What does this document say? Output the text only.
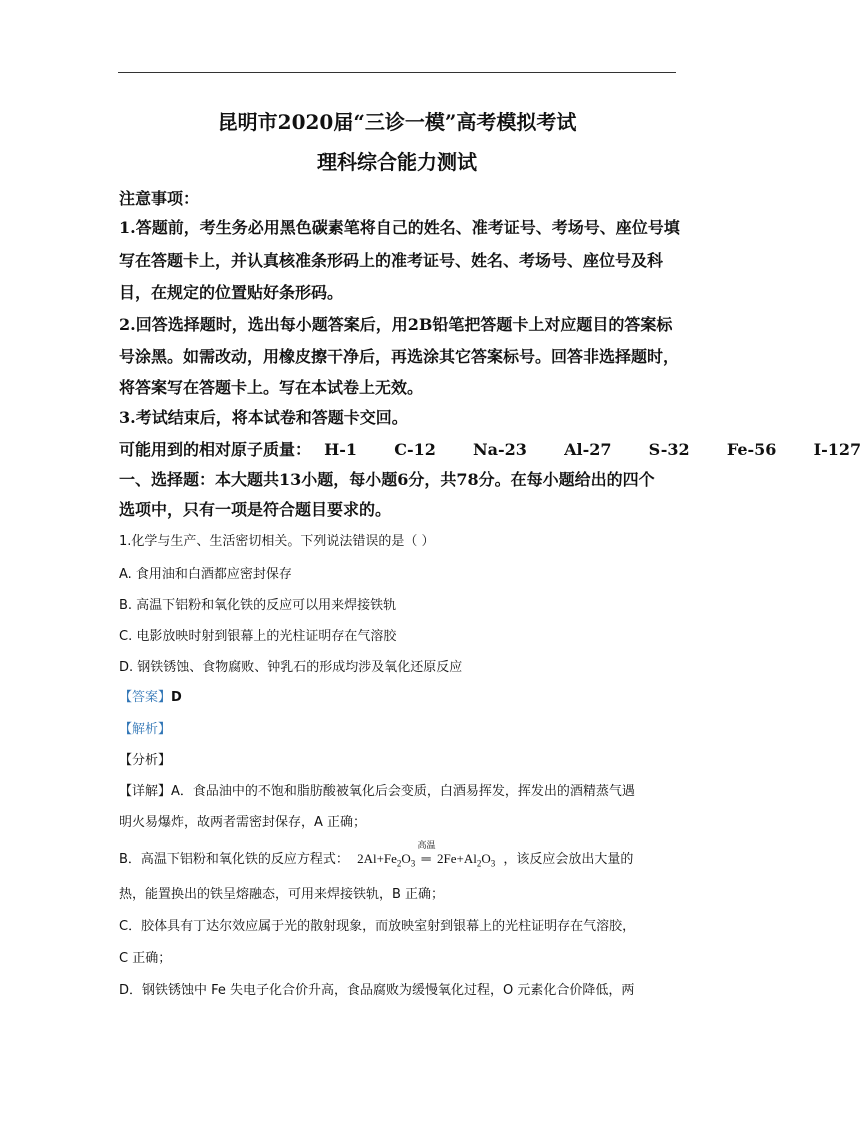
昆明市2020届“三诊一模”高考模拟考试
理科综合能力测试
注意事项：
1.答题前，考生务必用黑色碳素笔将自己的姓名、准考证号、考场号、座位号填
写在答题卡上，并认真核准条形码上的准考证号、姓名、考场号、座位号及科
目，在规定的位置贴好条形码。
2.回答选择题时，选出每小题答案后，用2B铅笔把答题卡上对应题目的答案标
号涂黑。如需改动，用橡皮擦干净后，再选涂其它答案标号。回答非选择题时，
将答案写在答题卡上。写在本试卷上无效。
3.考试结束后，将本试卷和答题卡交回。
可能用到的相对原子质量： H-1 C-12 Na-23 Al-27 S-32 Fe-56 I-127
一、选择题：本大题共13小题，每小题6分，共78分。在每小题给出的四个
选项中，只有一项是符合题目要求的。
1.化学与生产、生活密切相关。下列说法错误的是（ ）
A. 食用油和白酒都应密封保存
B. 高温下铝粉和氧化铁的反应可以用来焊接铁轨
C. 电影放映时射到银幕上的光柱证明存在气溶胶
D. 钢铁锈蚀、食物腐败、钟乳石的形成均涉及氧化还原反应
【答案】D
【解析】
【分析】
【详解】A．食品油中的不饱和脂肪酸被氧化后会变质，白酒易挥发，挥发出的酒精蒸气遇
明火易爆炸，故两者需密封保存，A 正确；
B．高温下铝粉和氧化铁的反应方程式： $2Al+Fe_2O_3$
高温
═ $2Fe+Al_2O_3$ ，该反应会放出大量的
热，能置换出的铁呈熔融态，可用来焊接铁轨，B 正确；
C．胶体具有丁达尔效应属于光的散射现象，而放映室射到银幕上的光柱证明存在气溶胶，
C 正确；
D．钢铁锈蚀中 Fe 失电子化合价升高，食品腐败为缓慢氧化过程，O 元素化合价降低，两
